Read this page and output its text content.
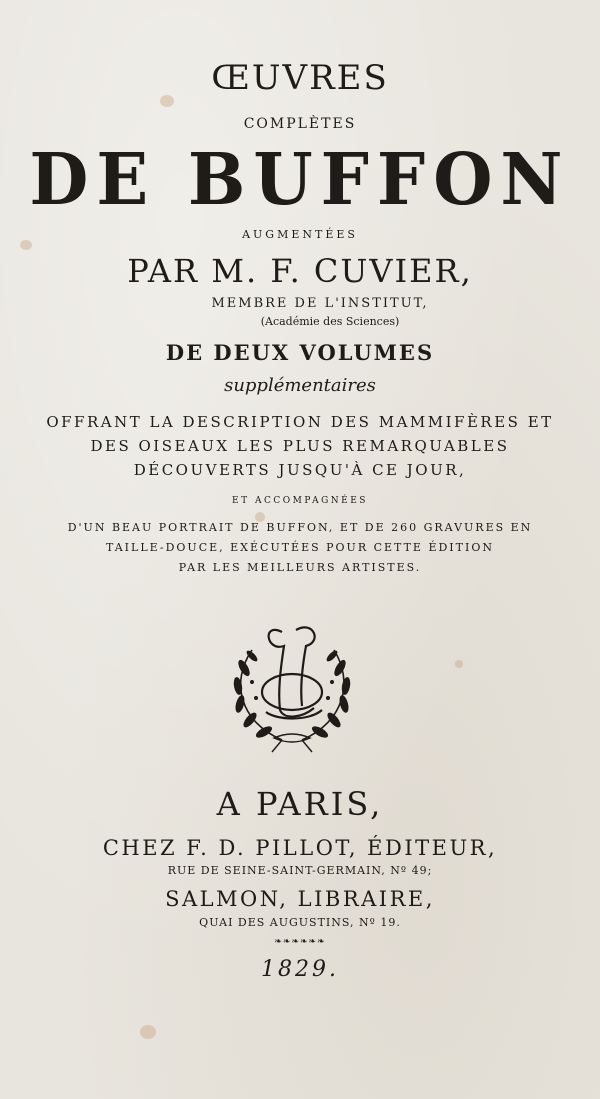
ŒUVRES
COMPLÈTES
DE BUFFON
AUGMENTÉES
PAR M. F. CUVIER,
MEMBRE DE L'INSTITUT,
(Académie des Sciences)
DE DEUX VOLUMES
supplémentaires
OFFRANT LA DESCRIPTION DES MAMMIFÈRES ET
DES OISEAUX LES PLUS REMARQUABLES
DÉCOUVERTS JUSQU'À CE JOUR,
ET ACCOMPAGNÉES
D'UN BEAU PORTRAIT DE BUFFON, ET DE 260 GRAVURES EN
TAILLE-DOUCE, EXÉCUTÉES POUR CETTE ÉDITION
PAR LES MEILLEURS ARTISTES.
A PARIS,
CHEZ F. D. PILLOT, ÉDITEUR,
RUE DE SEINE-SAINT-GERMAIN, Nº 49;
SALMON, LIBRAIRE,
QUAI DES AUGUSTINS, Nº 19.
❧❧❧❧❧❧
1829.
